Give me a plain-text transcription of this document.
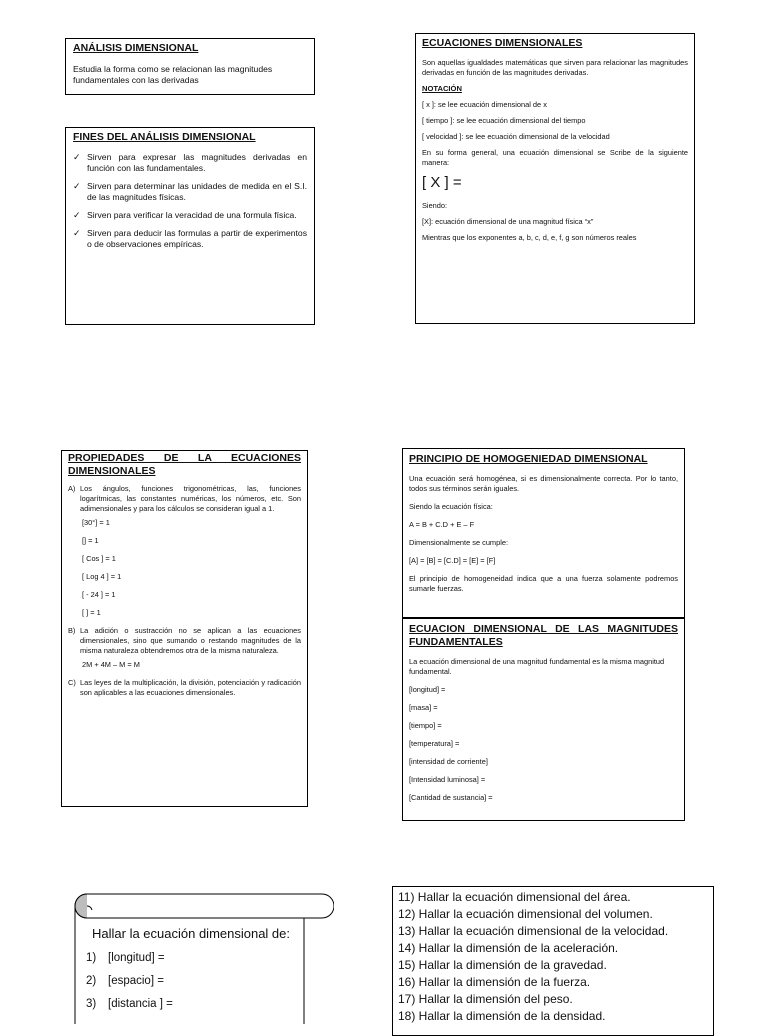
ANÁLISIS DIMENSIONAL

Estudia la forma como se relacionan las magnitudes fundamentales con las derivadas

FINES DEL ANÁLISIS DIMENSIONAL
✓ Sirven para expresar las magnitudes derivadas en función con las fundamentales.

✓ Sirven para determinar las unidades de medida en el S.I. de las magnitudes físicas.

✓ Sirven para verificar la veracidad de una formula física.

✓ Sirven para deducir las formulas a partir de experimentos o de observaciones empíricas.

ECUACIONES DIMENSIONALES

Son aquellas igualdades matemáticas que sirven para relacionar las magnitudes derivadas en función de las magnitudes derivadas.

NOTACIÓN

[ x ]: se lee ecuación dimensional de x

[ tiempo ]: se lee ecuación dimensional del tiempo

[ velocidad ]: se lee ecuación dimensional de la velocidad

En su forma general, una ecuación dimensional se Scribe de la siguiente manera:

[ X ] =

Siendo:

[X]: ecuación dimensional de una magnitud física “x”

Mientras que los exponentes a, b, c, d, e, f, g son números reales

PROPIEDADES DE LA ECUACIONES
DIMENSIONALES
A) Los ángulos, funciones trigonométricas, las, funciones logarítmicas, las constantes numéricas, los números, etc. Son adimensionales y para los cálculos se consideran igual a 1.

[30°] = 1

[] = 1

[ Cos ] = 1

[ Log 4 ] = 1

[ - 24 ] = 1

[ ] = 1

B) La adición o sustracción no se aplican a las ecuaciones dimensionales, sino que sumando o restando magnitudes de la misma naturaleza obtendremos otra de la misma naturaleza.

2M + 4M – M = M

C) Las leyes de la multiplicación, la división, potenciación y radicación son aplicables a las ecuaciones dimensionales.

PRINCIPIO DE HOMOGENIEDAD DIMENSIONAL

Una ecuación será homogénea, si es dimensionalmente correcta. Por lo tanto, todos sus términos serán iguales.

Siendo la ecuación física:

A = B + C.D + E – F

Dimensionalmente se cumple:

[A] = [B] = [C.D] = [E] = [F]

El principio de homogeneidad indica que a una fuerza solamente podremos sumarle fuerzas.

ECUACION DIMENSIONAL DE LAS MAGNITUDES
FUNDAMENTALES

La ecuación dimensional de una magnitud fundamental es la misma magnitud fundamental.

[longitud] =

[masa] =

[tiempo] =

[temperatura] =

[intensidad de corriente]

[Intensidad luminosa] =

[Cantidad de sustancia] =

Hallar la ecuación dimensional de:
1)	[longitud] =
2)	[espacio] =
3)	[distancia ] =
11) Hallar la ecuación dimensional del área.
12) Hallar la ecuación dimensional del volumen.
13) Hallar la ecuación dimensional de la velocidad.
14) Hallar la dimensión de la aceleración.
15) Hallar la dimensión de la gravedad.
16) Hallar la dimensión de la fuerza.
17) Hallar la dimensión del peso.
18) Hallar la dimensión de la densidad.
